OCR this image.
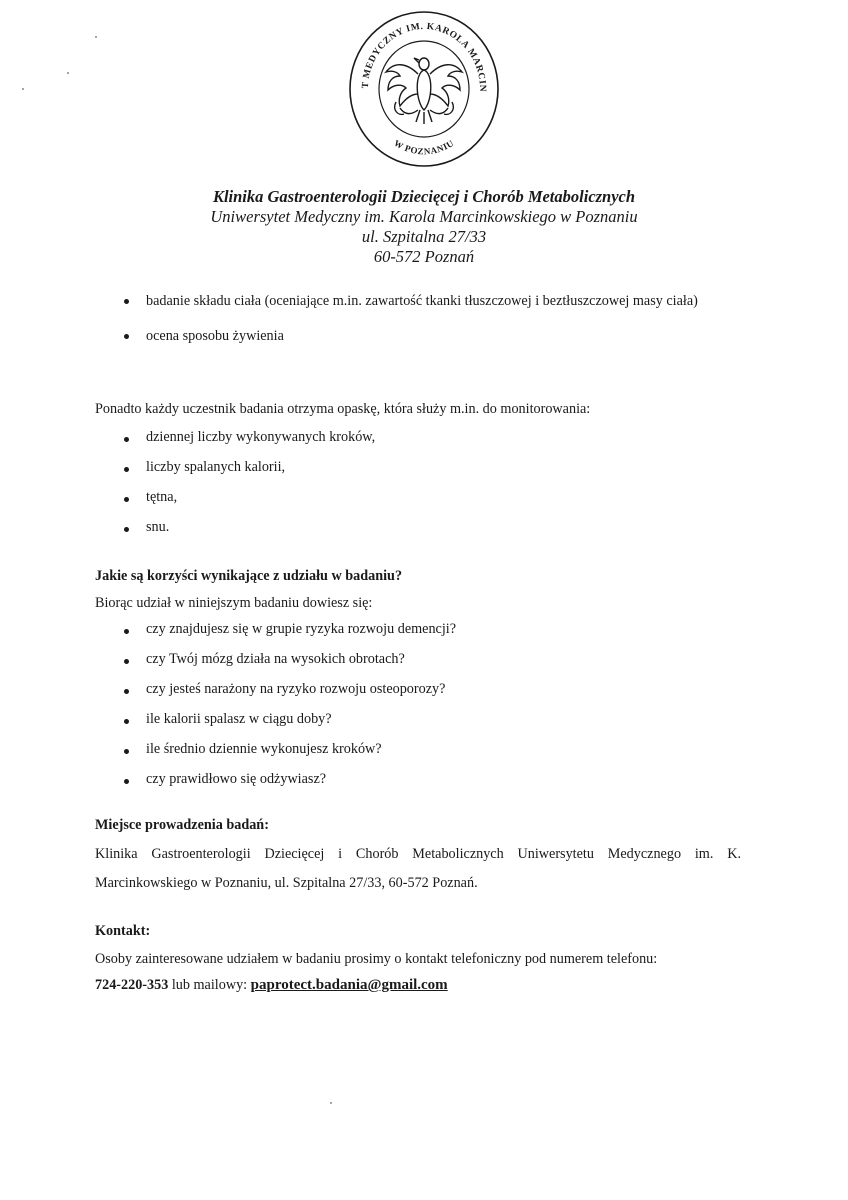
T MEDYCZNY IM. KAROLA MARCIN
W POZNANIU
Klinika Gastroenterologii Dziecięcej i Chorób Metabolicznych
Uniwersytet Medyczny im. Karola Marcinkowskiego w Poznaniu
ul. Szpitalna 27/33
60-572 Poznań
badanie składu ciała (oceniające m.in. zawartość tkanki tłuszczowej i beztłuszczowej masy ciała)
ocena sposobu żywienia
Ponadto każdy uczestnik badania otrzyma opaskę, która służy m.in. do monitorowania:
dziennej liczby wykonywanych kroków,
liczby spalanych kalorii,
tętna,
snu.
Jakie są korzyści wynikające z udziału w badaniu?
Biorąc udział w niniejszym badaniu dowiesz się:
czy znajdujesz się w grupie ryzyka rozwoju demencji?
czy Twój mózg działa na wysokich obrotach?
czy jesteś narażony na ryzyko rozwoju osteoporozy?
ile kalorii spalasz w ciągu doby?
ile średnio dziennie wykonujesz kroków?
czy prawidłowo się odżywiasz?
Miejsce prowadzenia badań:
Klinika Gastroenterologii Dziecięcej i Chorób Metabolicznych Uniwersytetu Medycznego im. K. Marcinkowskiego w Poznaniu, ul. Szpitalna 27/33, 60-572 Poznań.
Kontakt:
Osoby zainteresowane udziałem w badaniu prosimy o kontakt telefoniczny pod numerem telefonu:
724-220-353 lub mailowy: paprotect.badania@gmail.com
